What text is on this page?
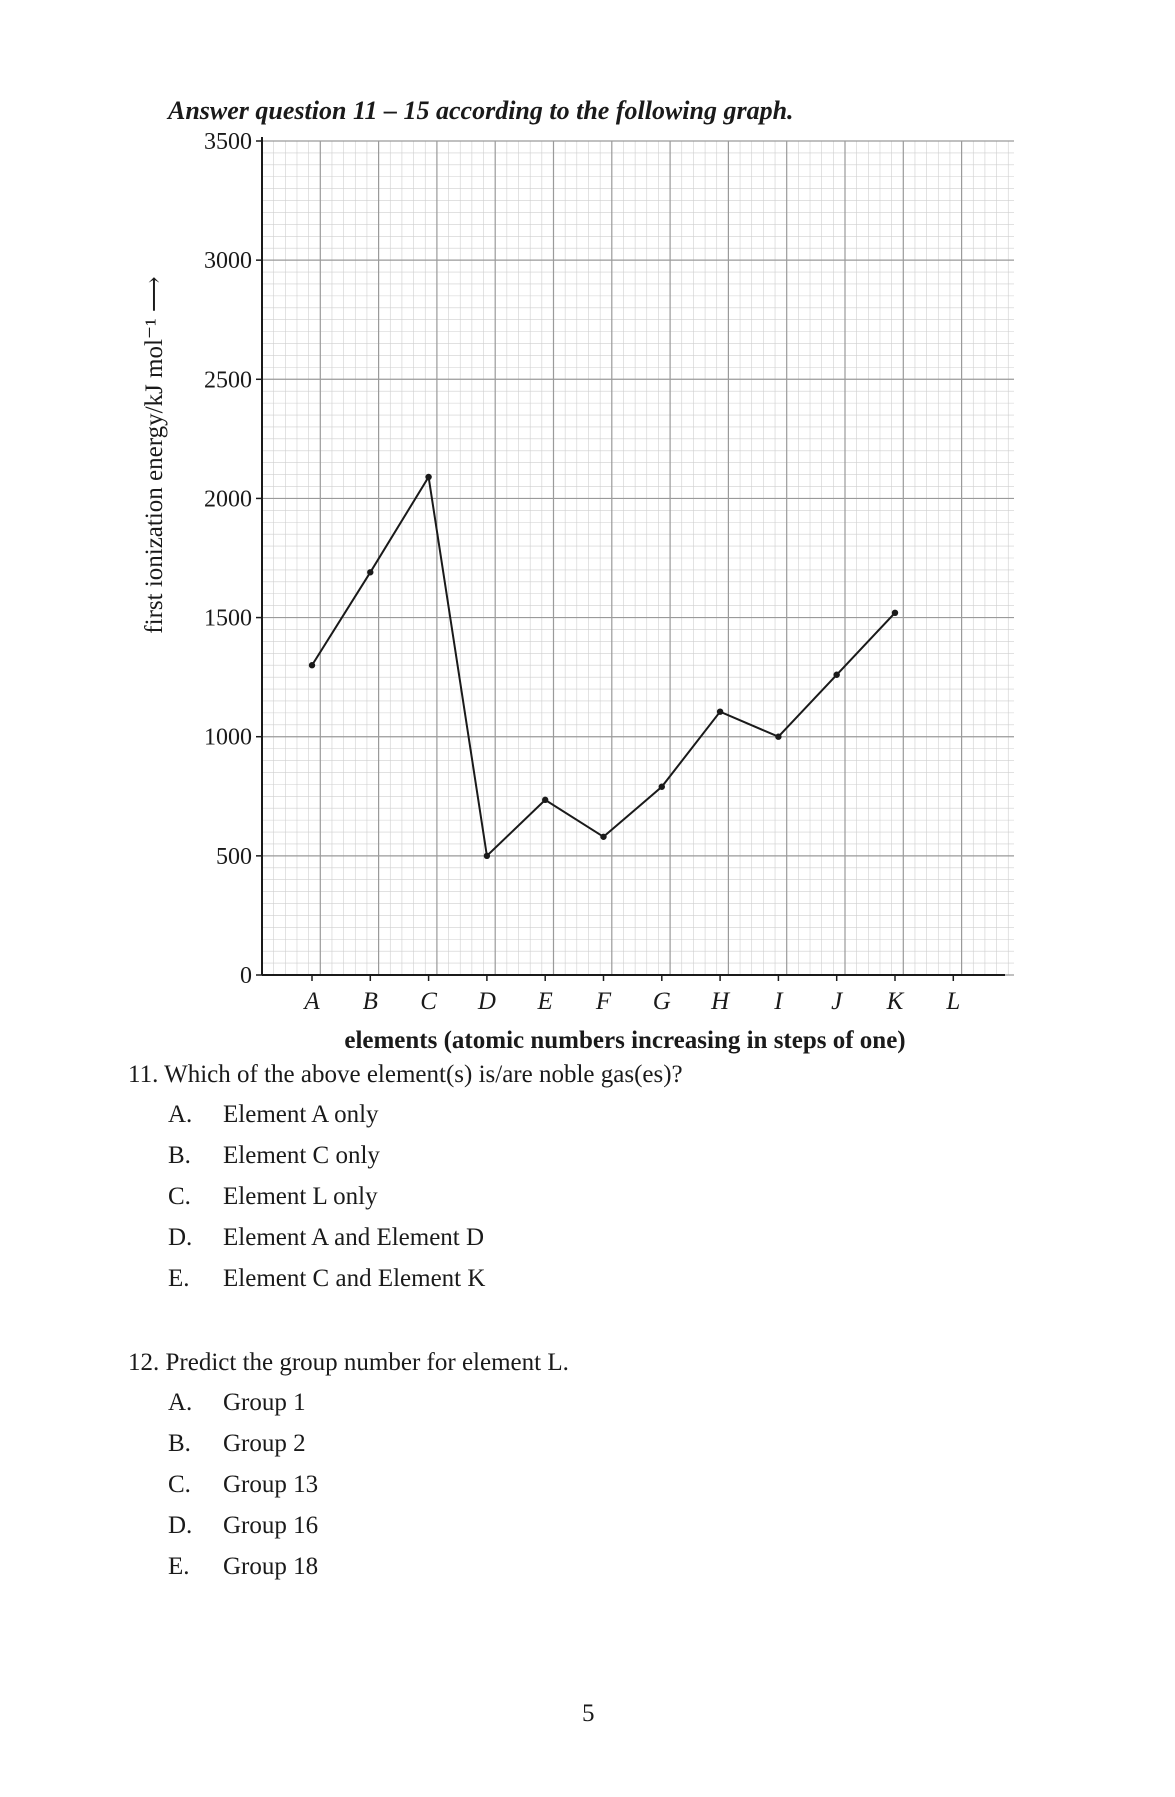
Answer question 11 – 15 according to the following graph.
0
500
1000
1500
2000
2500
3000
3500
A B C D E F G H I J K L
elements (atomic numbers increasing in steps of one)
first ionization energy/kJ mol⁻¹ ⟶
11. Which of the above element(s) is/are noble gas(es)?
A. Element A only
B. Element C only
C. Element L only
D. Element A and Element D
E. Element C and Element K
12. Predict the group number for element L.
A. Group 1
B. Group 2
C. Group 13
D. Group 16
E. Group 18
5
